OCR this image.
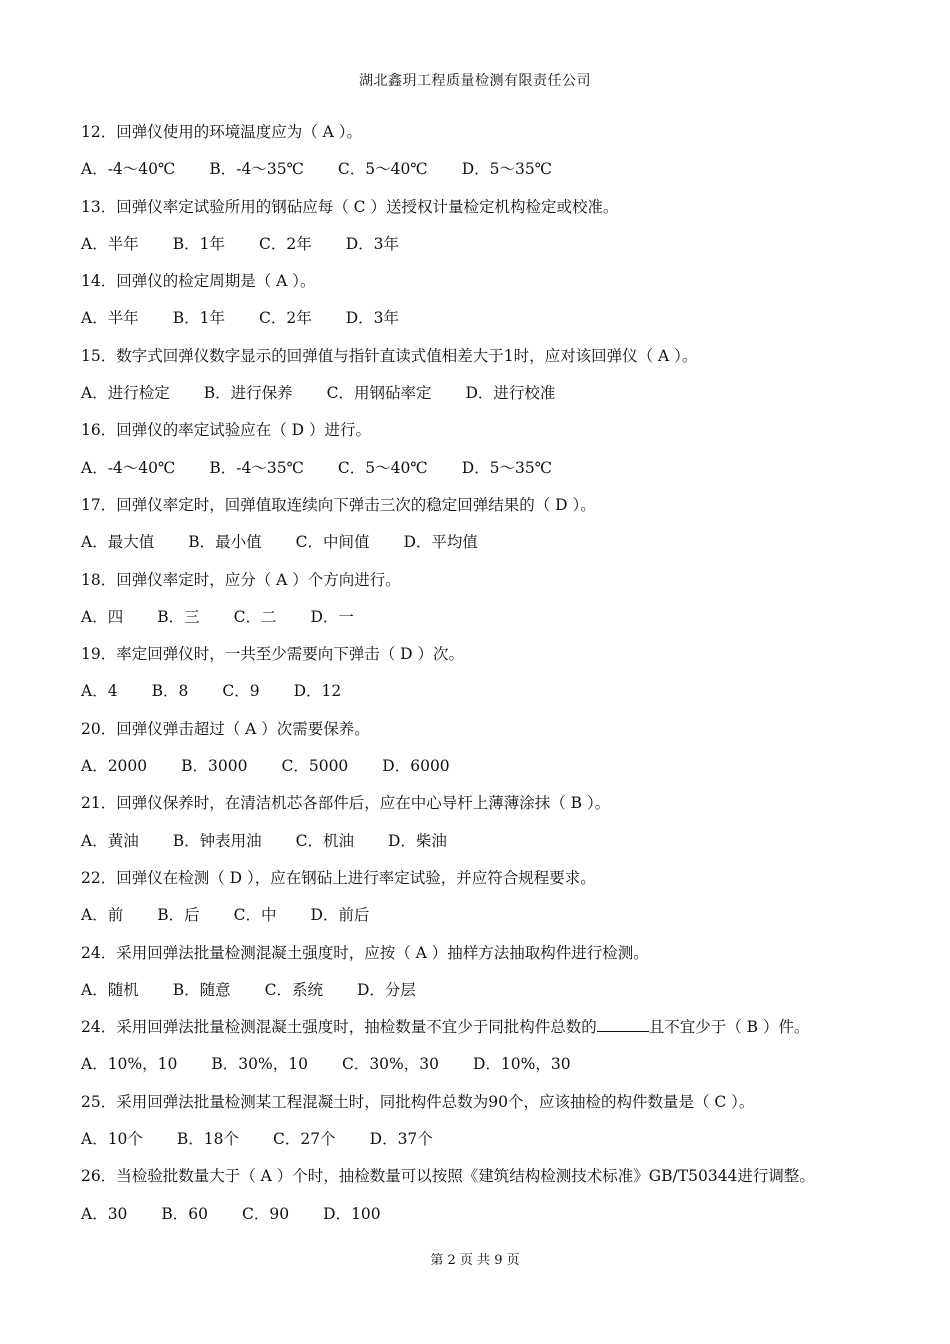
湖北鑫玥工程质量检测有限责任公司
12．回弹仪使用的环境温度应为（ A ）。
A．-4～40℃ B．-4～35℃ C．5～40℃ D．5～35℃
13．回弹仪率定试验所用的钢砧应每（ C ）送授权计量检定机构检定或校准。
A．半年 B．1年 C．2年 D．3年
14．回弹仪的检定周期是（ A ）。
A．半年 B．1年 C．2年 D．3年
15．数字式回弹仪数字显示的回弹值与指针直读式值相差大于1时，应对该回弹仪（ A ）。
A．进行检定 B．进行保养 C．用钢砧率定 D．进行校准
16．回弹仪的率定试验应在（ D ）进行。
A．-4～40℃ B．-4～35℃ C．5～40℃ D．5～35℃
17．回弹仪率定时，回弹值取连续向下弹击三次的稳定回弹结果的（ D ）。
A．最大值 B．最小值 C．中间值 D．平均值
18．回弹仪率定时，应分（ A ）个方向进行。
A．四 B．三 C．二 D．一
19．率定回弹仪时，一共至少需要向下弹击（ D ）次。
A．4 B．8 C．9 D．12
20．回弹仪弹击超过（ A ）次需要保养。
A．2000 B．3000 C．5000 D．6000
21．回弹仪保养时，在清洁机芯各部件后，应在中心导杆上薄薄涂抹（ B ）。
A．黄油 B．钟表用油 C．机油 D．柴油
22．回弹仪在检测（ D ），应在钢砧上进行率定试验，并应符合规程要求。
A．前 B．后 C．中 D．前后
24．采用回弹法批量检测混凝土强度时，应按（ A ）抽样方法抽取构件进行检测。
A．随机 B．随意 C．系统 D．分层
24．采用回弹法批量检测混凝土强度时，抽检数量不宜少于同批构件总数的	且不宜少于（ B ）件。
A．10%，10 B．30%，10 C．30%，30 D．10%，30
25．采用回弹法批量检测某工程混凝土时，同批构件总数为90个，应该抽检的构件数量是（ C ）。
A．10个 B．18个 C．27个 D．37个
26．当检验批数量大于（ A ）个时，抽检数量可以按照《建筑结构检测技术标准》GB/T50344进行调整。
A．30 B．60 C．90 D．100
第 2 页 共 9 页
